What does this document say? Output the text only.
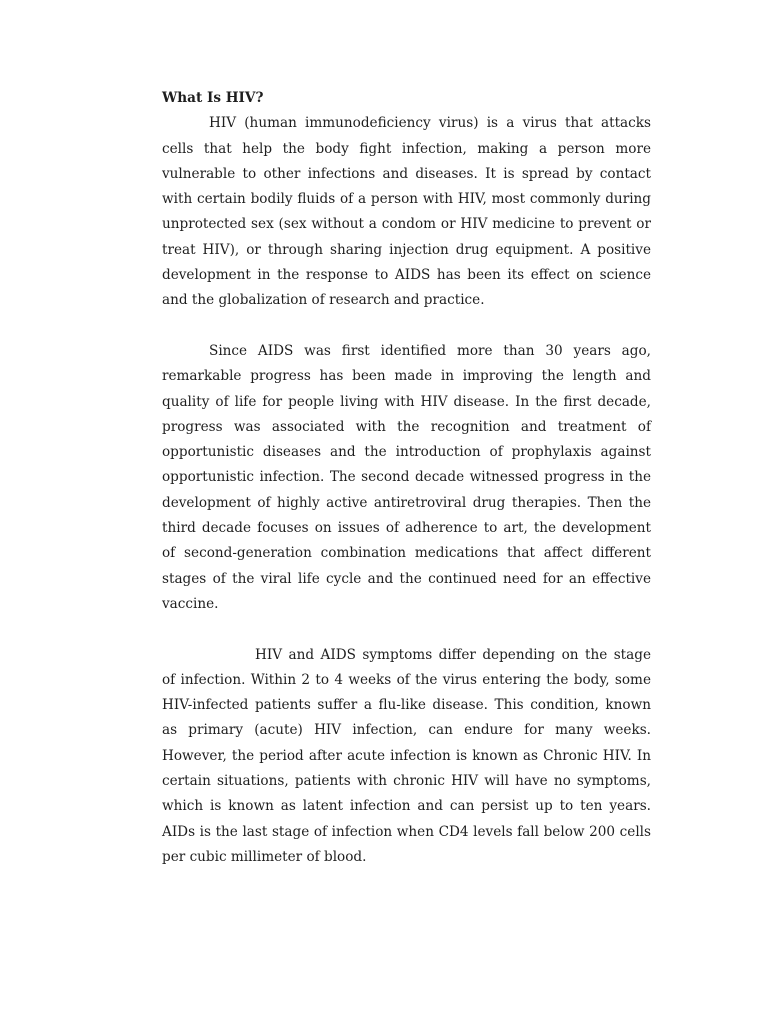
What Is HIV?

HIV (human immunodeficiency virus) is a virus that attacks cells that help the body fight infection, making a person more vulnerable to other infections and diseases. It is spread by contact with certain bodily fluids of a person with HIV, most commonly during unprotected sex (sex without a condom or HIV medicine to prevent or treat HIV), or through sharing injection drug equipment. A positive development in the response to AIDS has been its effect on science and the globalization of research and practice.

Since AIDS was first identified more than 30 years ago, remarkable progress has been made in improving the length and quality of life for people living with HIV disease. In the first decade, progress was associated with the recognition and treatment of opportunistic diseases and the introduction of prophylaxis against opportunistic infection. The second decade witnessed progress in the development of highly active antiretroviral drug therapies. Then the third decade focuses on issues of adherence to art, the development of second-generation combination medications that affect different stages of the viral life cycle and the continued need for an effective vaccine.

HIV and AIDS symptoms differ depending on the stage of infection. Within 2 to 4 weeks of the virus entering the body, some HIV-infected patients suffer a flu-like disease. This condition, known as primary (acute) HIV infection, can endure for many weeks. However, the period after acute infection is known as Chronic HIV. In certain situations, patients with chronic HIV will have no symptoms, which is known as latent infection and can persist up to ten years. AIDs is the last stage of infection when CD4 levels fall below 200 cells per cubic millimeter of blood.
